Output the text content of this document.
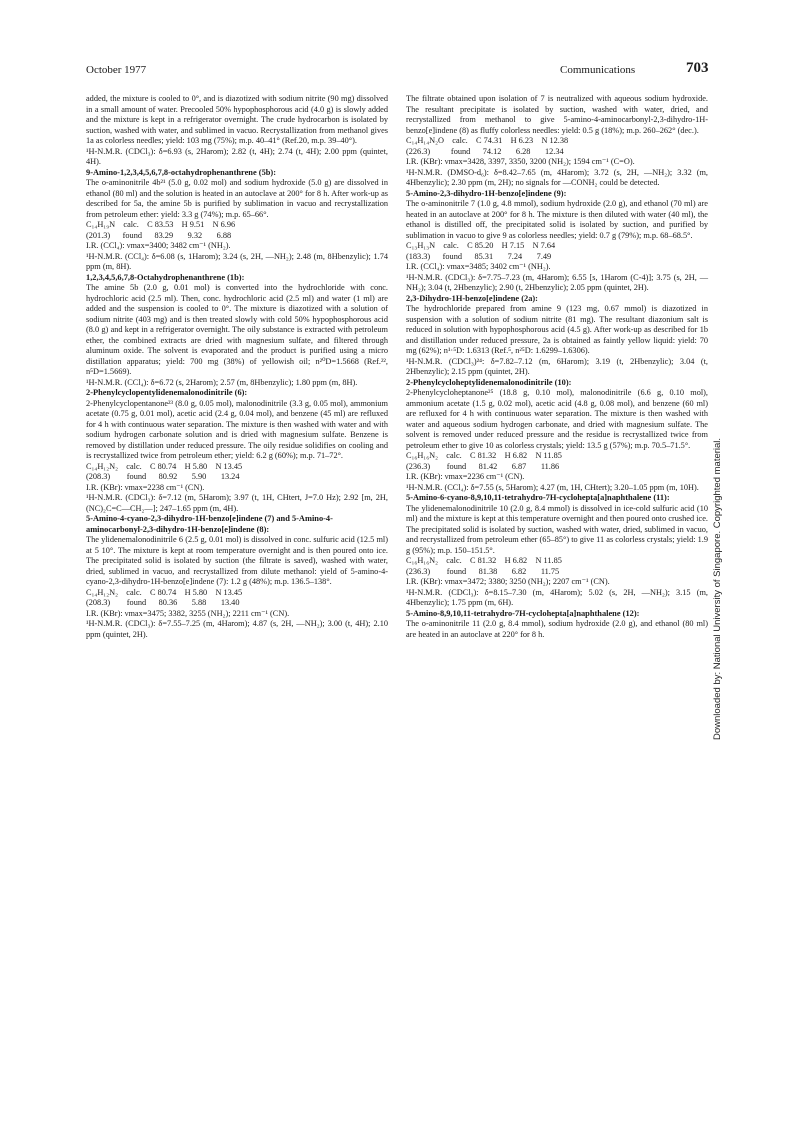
October 1977	Communications	703

added, the mixture is cooled to 0°, and is diazotized with sodium nitrite (90 mg) dissolved in a small amount of water. Precooled 50% hypophosphorous acid (4.0 g) is slowly added and the mixture is kept in a refrigerator overnight. The crude hydrocarbon is isolated by suction, washed with water, and sublimed in vacuo. Recrystallization from methanol gives 1a as colorless needles; yield: 103 mg (75%); m.p. 40–41° (Ref.20, m.p. 39–40°).

¹H-N.M.R. (CDCl₃): δ=6.93 (s, 2Harom); 2.82 (t, 4H); 2.74 (t, 4H); 2.00 ppm (quintet, 4H).

9-Amino-1,2,3,4,5,6,7,8-octahydrophenanthrene (5b):

The o-aminonitrile 4b²¹ (5.0 g, 0.02 mol) and sodium hydroxide (5.0 g) are dissolved in ethanol (80 ml) and the solution is heated in an autoclave at 200° for 8 h. After work-up as described for 5a, the amine 5b is purified by sublimation in vacuo and recrystallization from petroleum ether: yield: 3.3 g (74%); m.p. 65–66°.

C₁₄H₁₉N    calc.    C 83.53    H 9.51    N 6.96
(201.3)      found      83.29       9.32       6.88

I.R. (CCl₄): νmax=3400; 3482 cm⁻¹ (NH₂).

¹H-N.M.R. (CCl₄): δ=6.08 (s, 1Harom); 3.24 (s, 2H, —NH₂); 2.48 (m, 8Hbenzylic); 1.74 ppm (m, 8H).

1,2,3,4,5,6,7,8-Octahydrophenanthrene (1b):

The amine 5b (2.0 g, 0.01 mol) is converted into the hydrochloride with conc. hydrochloric acid (2.5 ml). Then, conc. hydrochloric acid (2.5 ml) and water (1 ml) are added and the suspension is cooled to 0°. The mixture is diazotized with a solution of sodium nitrite (403 mg) and is then treated slowly with cold 50% hypophosphorous acid (8.0 g) and kept in a refrigerator overnight. The oily substance is extracted with petroleum ether, the combined extracts are dried with magnesium sulfate, and filtered through aluminum oxide. The solvent is evaporated and the product is purified using a micro distillation apparatus; yield: 700 mg (38%) of yellowish oil; n²⁰D=1.5668 (Ref.²², n⁵D=1.5669).

¹H-N.M.R. (CCl₄): δ=6.72 (s, 2Harom); 2.57 (m, 8Hbenzylic); 1.80 ppm (m, 8H).

2-Phenylcyclopentylidenemalonodinitrile (6):

2-Phenylcyclopentanone²³ (8.0 g, 0.05 mol), malonodinitrile (3.3 g, 0.05 mol), ammonium acetate (0.75 g, 0.01 mol), acetic acid (2.4 g, 0.04 mol), and benzene (45 ml) are refluxed for 4 h with continuous water separation. The mixture is then washed with water and with sodium hydrogen carbonate solution and is dried with magnesium sulfate. Benzene is removed by distillation under reduced pressure. The oily residue solidifies on cooling and is recrystallized twice from petroleum ether; yield: 6.2 g (60%); m.p. 71–72°.

C₁₄H₁₂N₂    calc.    C 80.74    H 5.80    N 13.45
(208.3)        found      80.92       5.90       13.24

I.R. (KBr): νmax=2238 cm⁻¹ (CN).

¹H-N.M.R. (CDCl₃): δ=7.12 (m, 5Harom); 3.97 (t, 1H, CHtert, J=7.0 Hz); 2.92 [m, 2H, (NC)₂C=C—CH₂—]; 247–1.65 ppm (m, 4H).

5-Amino-4-cyano-2,3-dihydro-1H-benzo[e]indene (7) and 5-Amino-4-aminocarbonyl-2,3-dihydro-1H-benzo[e]indene (8):

The ylidenemalonodinitrile 6 (2.5 g, 0.01 mol) is dissolved in conc. sulfuric acid (12.5 ml) at 5 10°. The mixture is kept at room temperature overnight and is then poured onto ice. The precipitated solid is isolated by suction (the filtrate is saved), washed with water, dried, sublimed in vacuo, and recrystallized from dilute methanol: yield of 5-amino-4-cyano-2,3-dihydro-1H-benzo[e]indene (7): 1.2 g (48%); m.p. 136.5–138°.

C₁₄H₁₂N₂    calc.    C 80.74    H 5.80    N 13.45
(208.3)        found      80.36       5.88       13.40

I.R. (KBr): νmax=3475; 3382, 3255 (NH₂); 2211 cm⁻¹ (CN).

¹H-N.M.R. (CDCl₃): δ=7.55–7.25 (m, 4Harom); 4.87 (s, 2H, —NH₂); 3.00 (t, 4H); 2.10 ppm (quintet, 2H).

The filtrate obtained upon isolation of 7 is neutralized with aqueous sodium hydroxide. The resultant precipitate is isolated by suction, washed with water, dried, and recrystallized from methanol to give 5-amino-4-aminocarbonyl-2,3-dihydro-1H-benzo[e]indene (8) as fluffy colorless needles: yield: 0.5 g (18%); m.p. 260–262° (dec.).

C₁₄H₁₄N₂O    calc.    C 74.31    H 6.23    N 12.38
(226.3)          found      74.12       6.28       12.34

I.R. (KBr): νmax=3428, 3397, 3350, 3200 (NH₂); 1594 cm⁻¹ (C=O).

¹H-N.M.R. (DMSO-d₆): δ=8.42–7.65 (m, 4Harom); 3.72 (s, 2H, —NH₂); 3.32 (m, 4Hbenzylic); 2.30 ppm (m, 2H); no signals for —CONH₂ could be detected.

5-Amino-2,3-dihydro-1H-benzo[e]indene (9):

The o-aminonitrile 7 (1.0 g, 4.8 mmol), sodium hydroxide (2.0 g), and ethanol (70 ml) are heated in an autoclave at 200° for 8 h. The mixture is then diluted with water (40 ml), the ethanol is distilled off, the precipitated solid is isolated by suction, and purified by sublimation in vacuo to give 9 as colorless needles; yield: 0.7 g (79%); m.p. 68–68.5°.

C₁₃H₁₃N    calc.    C 85.20    H 7.15    N 7.64
(183.3)      found      85.31       7.24       7.49

I.R. (CCl₄): νmax=3485; 3402 cm⁻¹ (NH₂).

¹H-N.M.R. (CDCl₃): δ=7.75–7.23 (m, 4Harom); 6.55 [s, 1Harom (C-4)]; 3.75 (s, 2H, —NH₂); 3.04 (t, 2Hbenzylic); 2.90 (t, 2Hbenzylic); 2.05 ppm (quintet, 2H).

2,3-Dihydro-1H-benzo[e]indene (2a):

The hydrochloride prepared from amine 9 (123 mg, 0.67 mmol) is diazotized in suspension with a solution of sodium nitrite (81 mg). The resultant diazonium salt is reduced in solution with hypophosphorous acid (4.5 g). After work-up as described for 1b and distillation under reduced pressure, 2a is obtained as faintly yellow liquid: yield: 70 mg (62%); n¹·⁵D: 1.6313 (Ref.⁵, n²⁵D: 1.6299–1.6306).

¹H-N.M.R. (CDCl₃)²⁴: δ=7.82–7.12 (m, 6Harom); 3.19 (t, 2Hbenzylic); 3.04 (t, 2Hbenzylic); 2.15 ppm (quintet, 2H).

2-Phenylcycloheptylidenemalonodinitrile (10):

2-Phenylcycloheptanone²⁵ (18.8 g, 0.10 mol), malonodinitrile (6.6 g, 0.10 mol), ammonium acetate (1.5 g, 0.02 mol), acetic acid (4.8 g, 0.08 mol), and benzene (60 ml) are refluxed for 4 h with continuous water separation. The mixture is then washed with water and aqueous sodium hydrogen carbonate, and dried with magnesium sulfate. The solvent is removed under reduced pressure and the residue is recrystallized twice from petroleum ether to give 10 as colorless crystals; yield: 13.5 g (57%); m.p. 70.5–71.5°.

C₁₆H₁₆N₂    calc.    C 81.32    H 6.82    N 11.85
(236.3)        found      81.42       6.87       11.86

I.R. (KBr): νmax=2236 cm⁻¹ (CN).

¹H-N.M.R. (CCl₄): δ=7.55 (s, 5Harom); 4.27 (m, 1H, CHtert); 3.20–1.05 ppm (m, 10H).

5-Amino-6-cyano-8,9,10,11-tetrahydro-7H-cyclohepta[a]naphthalene (11):

The ylidenemalonodinitrile 10 (2.0 g, 8.4 mmol) is dissolved in ice-cold sulfuric acid (10 ml) and the mixture is kept at this temperature overnight and then poured onto crushed ice. The precipitated solid is isolated by suction, washed with water, dried, sublimed in vacuo, and recrystallized from petroleum ether (65–85°) to give 11 as colorless crystals; yield: 1.9 g (95%); m.p. 150–151.5°.

C₁₆H₁₆N₂    calc.    C 81.32    H 6.82    N 11.85
(236.3)        found      81.38       6.82       11.75

I.R. (KBr): νmax=3472; 3380; 3250 (NH₂); 2207 cm⁻¹ (CN).

¹H-N.M.R. (CDCl₃): δ=8.15–7.30 (m, 4Harom); 5.02 (s, 2H, —NH₂); 3.15 (m, 4Hbenzylic); 1.75 ppm (m, 6H).

5-Amino-8,9,10,11-tetrahydro-7H-cyclohepta[a]naphthalene (12):

The o-aminonitrile 11 (2.0 g, 8.4 mmol), sodium hydroxide (2.0 g), and ethanol (80 ml) are heated in an autoclave at 220° for 8 h.	Downloaded by: National University of Singapore. Copyrighted material.
